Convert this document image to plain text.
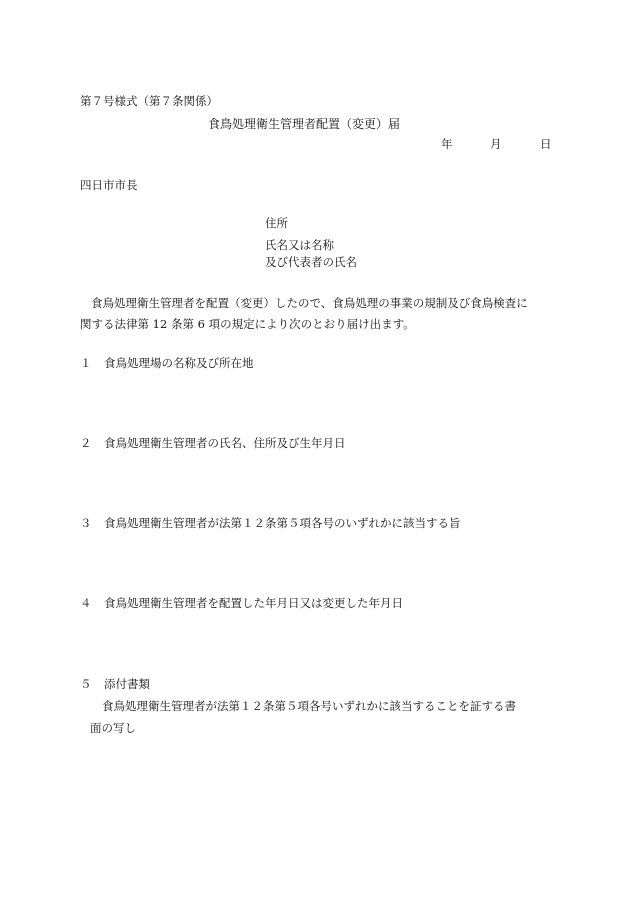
第７号様式（第７条関係）
食鳥処理衛生管理者配置（変更）届
年	月	日
四日市市長
住所
氏名又は名称
及び代表者の氏名
食鳥処理衛生管理者を配置（変更）したので、食鳥処理の事業の規制及び食鳥検査に
関する法律第 12 条第 6 項の規定により次のとおり届け出ます。
１ 食鳥処理場の名称及び所在地
２ 食鳥処理衛生管理者の氏名、住所及び生年月日
３ 食鳥処理衛生管理者が法第１２条第５項各号のいずれかに該当する旨
４ 食鳥処理衛生管理者を配置した年月日又は変更した年月日
５ 添付書類
食鳥処理衛生管理者が法第１２条第５項各号いずれかに該当することを証する書
面の写し
